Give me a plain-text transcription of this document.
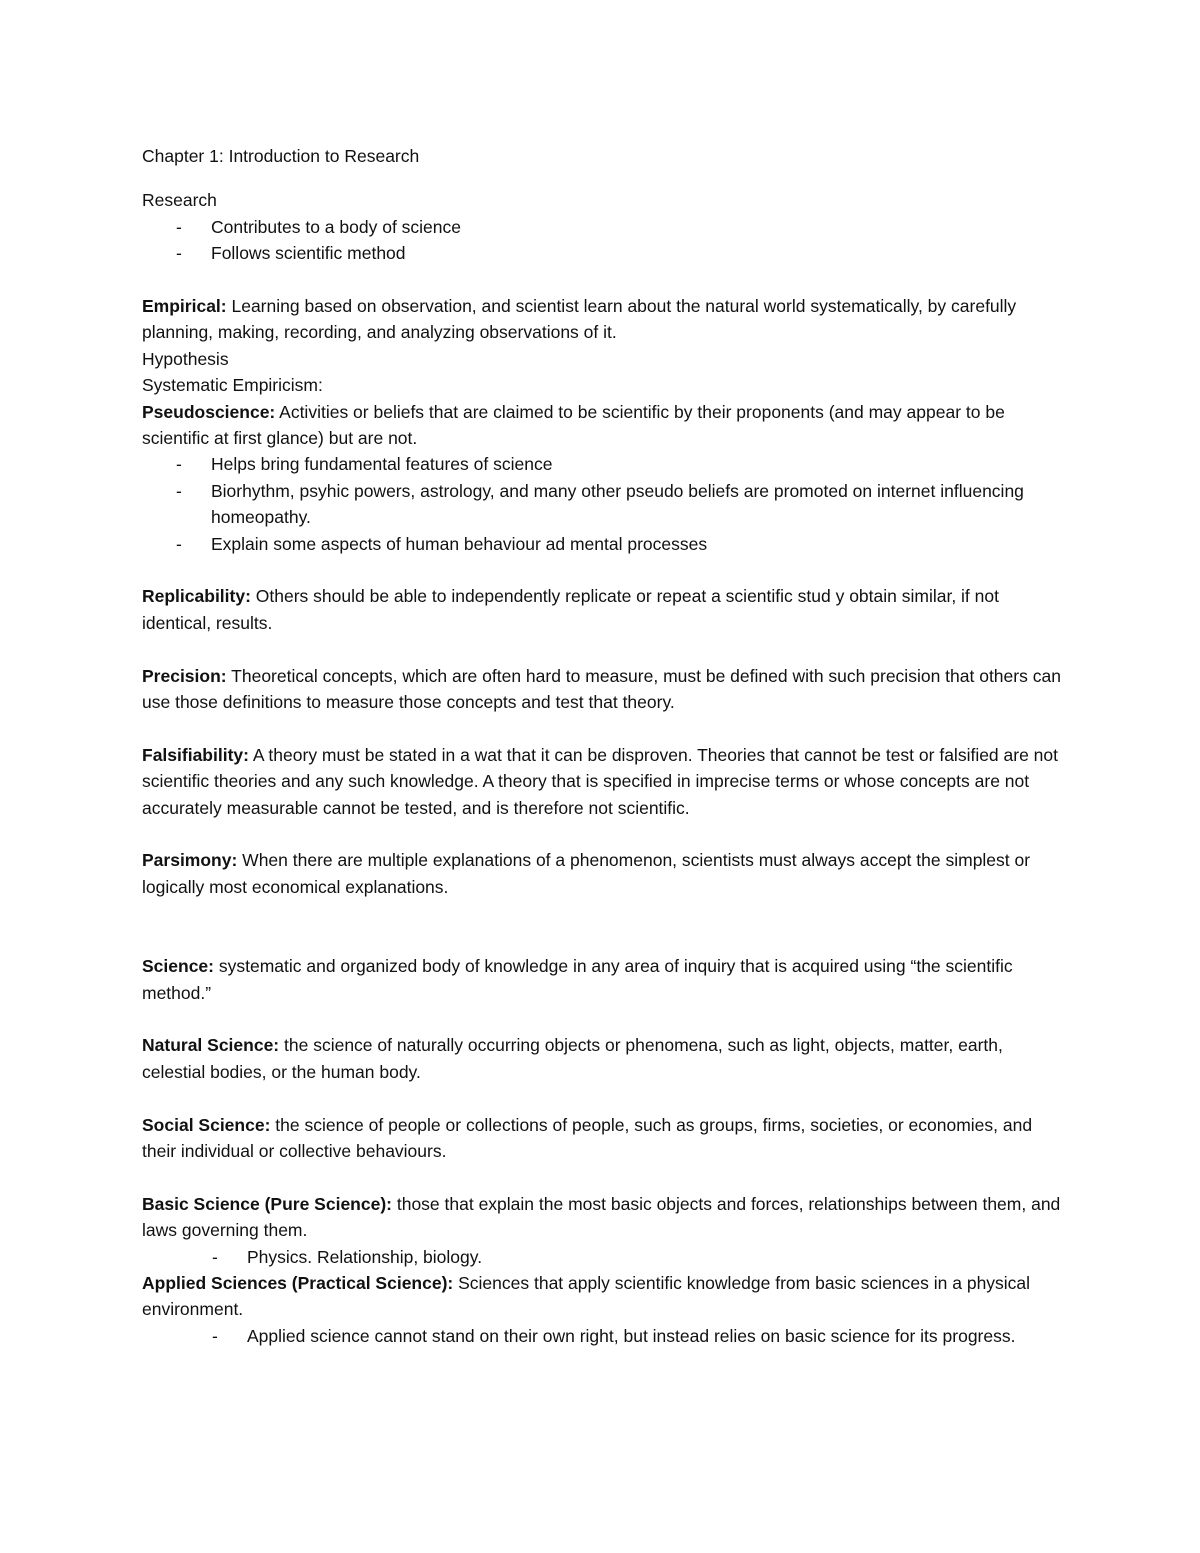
Chapter 1: Introduction to Research

Research

- Contributes to a body of science
- Follows scientific method

Empirical: Learning based on observation, and scientist learn about the natural world systematically, by carefully planning, making, recording, and analyzing observations of it.

Hypothesis

Systematic Empiricism:

Pseudoscience: Activities or beliefs that are claimed to be scientific by their proponents (and may appear to be scientific at first glance) but are not.

- Helps bring fundamental features of science
- Biorhythm, psyhic powers, astrology, and many other pseudo beliefs are promoted on internet influencing homeopathy.
- Explain some aspects of human behaviour ad mental processes

Replicability: Others should be able to independently replicate or repeat a scientific stud y obtain similar, if not identical, results.

Precision: Theoretical concepts, which are often hard to measure, must be defined with such precision that others can use those definitions to measure those concepts and test that theory.

Falsifiability: A theory must be stated in a wat that it can be disproven. Theories that cannot be test or falsified are not scientific theories and any such knowledge. A theory that is specified in imprecise terms or whose concepts are not accurately measurable cannot be tested, and is therefore not scientific.

Parsimony: When there are multiple explanations of a phenomenon, scientists must always accept the simplest or logically most economical explanations.

Science: systematic and organized body of knowledge in any area of inquiry that is acquired using “the scientific method.”

Natural Science: the science of naturally occurring objects or phenomena, such as light, objects, matter, earth, celestial bodies, or the human body.

Social Science: the science of people or collections of people, such as groups, firms, societies, or economies, and their individual or collective behaviours.

Basic Science (Pure Science): those that explain the most basic objects and forces, relationships between them, and laws governing them.

- Physics. Relationship, biology.

Applied Sciences (Practical Science): Sciences that apply scientific knowledge from basic sciences in a physical environment.

- Applied science cannot stand on their own right, but instead relies on basic science for its progress.
